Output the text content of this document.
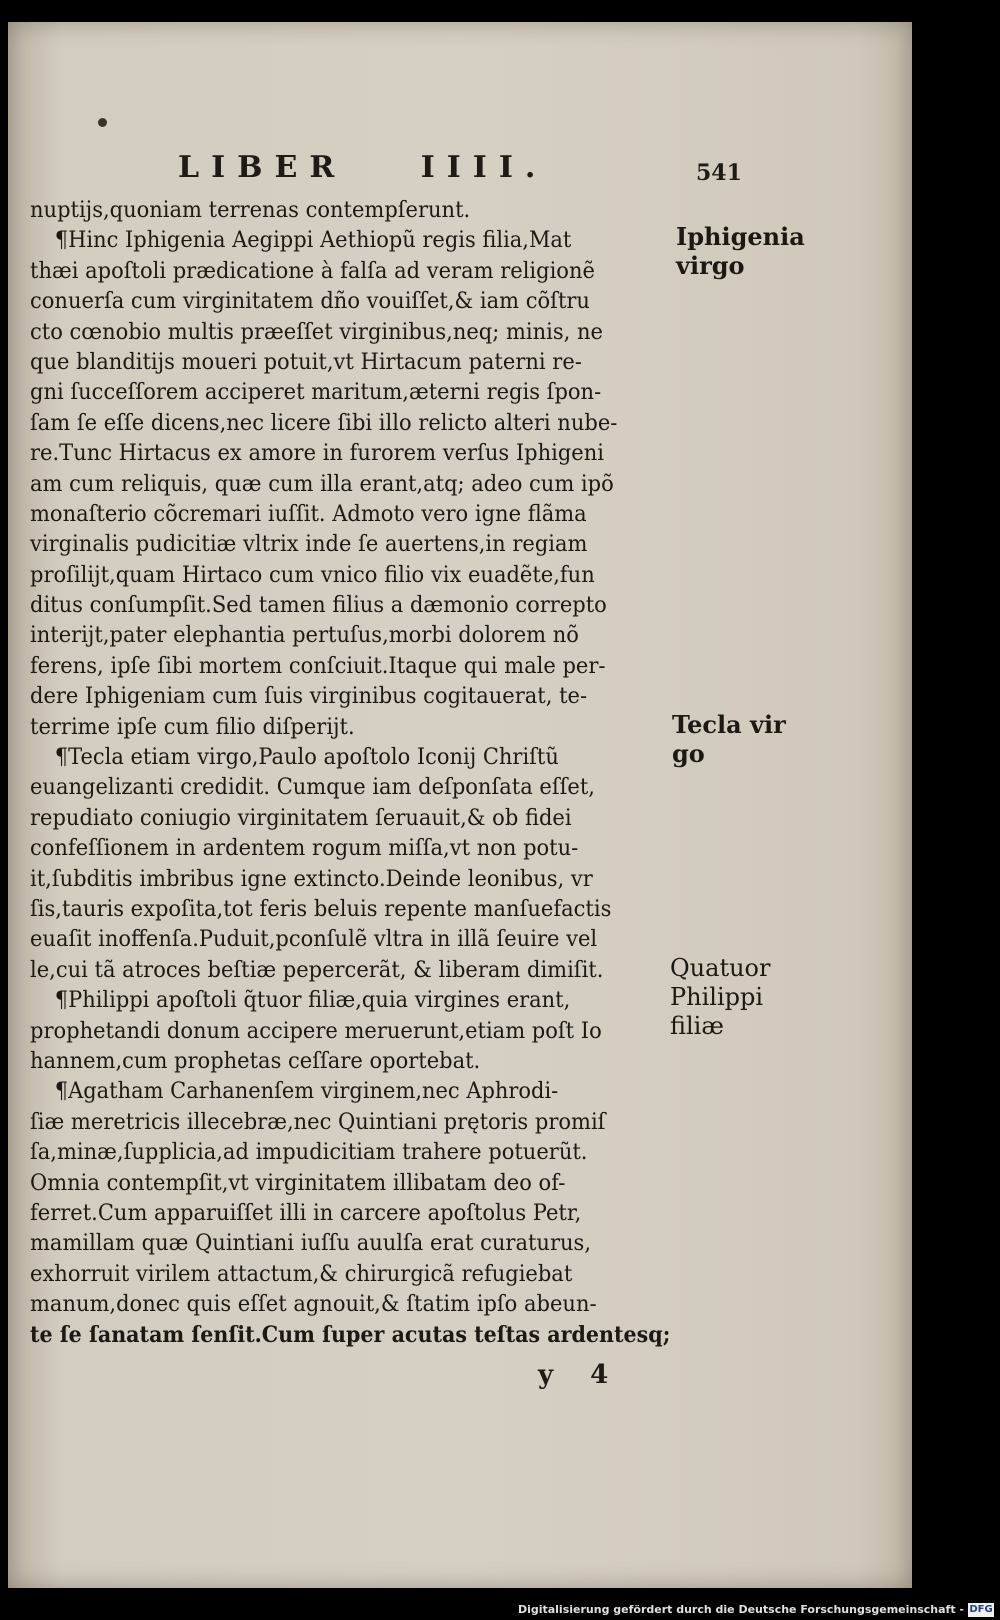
LIBER IIII.	541
nuptijs,quoniam terrenas contempſerunt.
¶Hinc Iphigenia Aegippi Aethiopũ regis filia,Mat
thæi apoſtoli prædicatione à falſa ad veram religionẽ
conuerſa cum virginitatem dño vouiſſet,& iam cõſtru
cto cœnobio multis præeſſet virginibus,neq; minis, ne
que blanditijs moueri potuit,vt Hirtacum paterni re-
gni ſucceſſorem acciperet maritum,æterni regis ſpon-
ſam ſe eſſe dicens,nec licere ſibi illo relicto alteri nube-
re.Tunc Hirtacus ex amore in furorem verſus Iphigeni
am cum reliquis, quæ cum illa erant,atq; adeo cum ipõ
monaſterio cõcremari iuſſit. Admoto vero igne flãma
virginalis pudicitiæ vltrix inde ſe auertens,in regiam
proſilijt,quam Hirtaco cum vnico filio vix euadẽte,fun
ditus conſumpſit.Sed tamen filius a dæmonio correpto
interijt,pater elephantia pertuſus,morbi dolorem nõ
ferens, ipſe ſibi mortem conſciuit.Itaque qui male per-
dere Iphigeniam cum ſuis virginibus cogitauerat, te-
terrime ipſe cum filio diſperijt.
¶Tecla etiam virgo,Paulo apoſtolo Iconij Chriſtũ
euangelizanti credidit. Cumque iam deſponſata eſſet,
repudiato coniugio virginitatem ſeruauit,& ob fidei
confeſſionem in ardentem rogum miſſa,vt non potu-
it,ſubditis imbribus igne extincto.Deinde leonibus, vr
ſis,tauris expoſita,tot feris beluis repente manſuefactis
euaſit inoffenſa.Puduit,pconſulẽ vltra in illã ſeuire vel
le,cui tã atroces beſtiæ pepercerãt, & liberam dimiſit.
¶Philippi apoſtoli q̃tuor filiæ,quia virgines erant,
prophetandi donum accipere meruerunt,etiam poſt Io
hannem,cum prophetas ceſſare oportebat.
¶Agatham Carhanenſem virginem,nec Aphrodi-
ſiæ meretricis illecebræ,nec Quintiani prętoris promiſ
ſa,minæ,ſupplicia,ad impudicitiam trahere potuerũt.
Omnia contempſit,vt virginitatem illibatam deo of-
ferret.Cum apparuiſſet illi in carcere apoſtolus Petr,
mamillam quæ Quintiani iuſſu auulſa erat curaturus,
exhorruit virilem attactum,& chirurgicã refugiebat
manum,donec quis eſſet agnouit,& ſtatim ipſo abeun-
te ſe ſanatam ſenſit.Cum ſuper acutas teſtas ardentesq;
Iphigenia
virgo
Tecla vir
go
Quatuor
Philippi
filiæ
y 4
Digitalisierung gefördert durch die Deutsche Forschungsgemeinschaft - DFG
